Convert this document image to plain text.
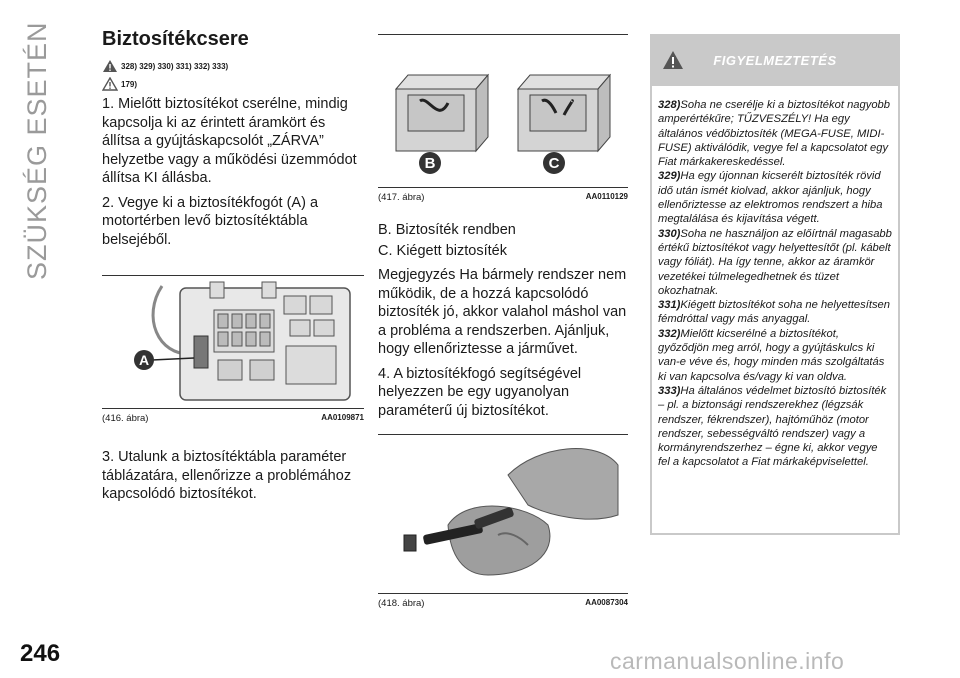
SZÜKSÉG ESETÉN	Biztosítékcsere
328) 329) 330) 331) 332) 333)
179)

1. Mielőtt biztosítékot cserélne, mindig kapcsolja ki az érintett áramkört és állítsa a gyújtáskapcsolót „ZÁRVA” helyzetbe vagy a működési üzemmódot állítsa KI állásba.

2. Vegye ki a biztosítékfogót (A) a motortérben levő biztosítéktábla belsejéből.

A
(416. ábra)	AA0109871

3. Utalunk a biztosítéktábla paraméter táblázatára, ellenőrizze a problémához kapcsolódó biztosítékot.

B	C
(417. ábra)	AA0110129

B. Biztosíték rendben

C. Kiégett biztosíték

Megjegyzés Ha bármely rendszer nem működik, de a hozzá kapcsolódó biztosíték jó, akkor valahol máshol van a probléma a rendszerben. Ajánljuk, hogy ellenőriztesse a járművet.

4. A biztosítékfogó segítségével helyezzen be egy ugyanolyan paraméterű új biztosítékot.

(418. ábra)	AA0087304
FIGYELMEZTETÉS
328)Soha ne cserélje ki a biztosítékot nagyobb amperértékűre; TŰZVESZÉLY! Ha egy általános védőbiztosíték (MEGA-FUSE, MIDI-FUSE) aktiválódik, vegye fel a kapcsolatot egy Fiat márkakereskedéssel.
329)Ha egy újonnan kicserélt biztosíték rövid idő után ismét kiolvad, akkor ajánljuk, hogy ellenőriztesse az elektromos rendszert a hiba megtalálása és kijavítása végett.
330)Soha ne használjon az előírtnál magasabb értékű biztosítékot vagy helyettesítőt (pl. kábelt vagy fóliát). Ha így tenne, akkor az áramkör vezetékei túlmelegedhetnek és tüzet okozhatnak.
331)Kiégett biztosítékot soha ne helyettesítsen fémdróttal vagy más anyaggal.
332)Mielőtt kicserélné a biztosítékot, győződjön meg arról, hogy a gyújtáskulcs ki van-e véve és, hogy minden más szolgáltatás ki van kapcsolva és/vagy ki van oldva.
333)Ha általános védelmet biztosító biztosíték – pl. a biztonsági rendszerekhez (légzsák rendszer, fékrendszer), hajtóműhöz (motor rendszer, sebességváltó rendszer) vagy a kormányrendszerhez – égne ki, akkor vegye fel a kapcsolatot a Fiat márkaképviselettel.
246	carmanualsonline.info
